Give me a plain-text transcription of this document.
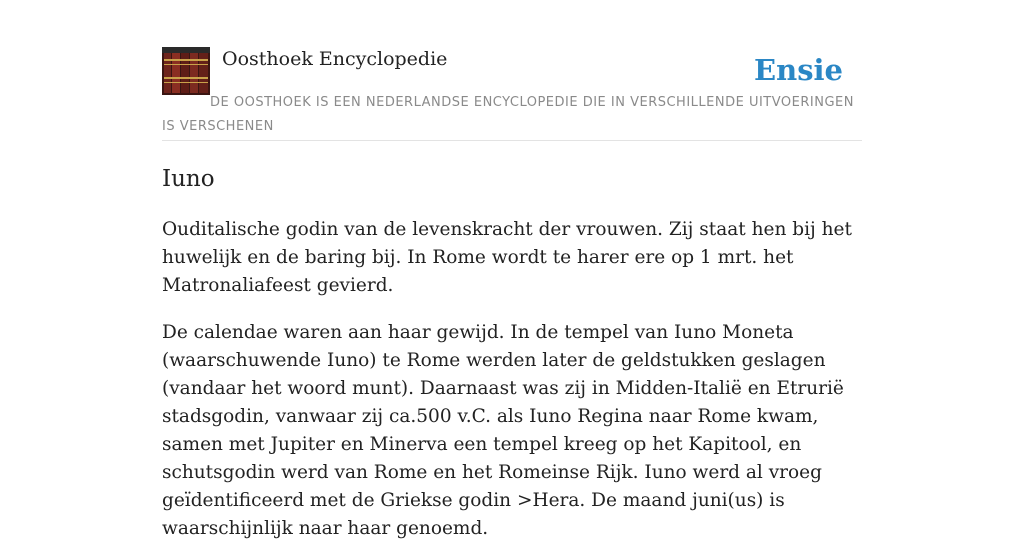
Oosthoek Encyclopedie	Ensie
DE OOSTHOEK IS EEN NEDERLANDSE ENCYCLOPEDIE DIE IN VERSCHILLENDE UITVOERINGEN IS VERSCHENEN
Iuno

Ouditalische godin van de levenskracht der vrouwen. Zij staat hen bij het huwelijk en de baring bij. In Rome wordt te harer ere op 1 mrt. het Matronaliafeest gevierd.

De calendae waren aan haar gewijd. In de tempel van Iuno Moneta (waarschuwende Iuno) te Rome werden later de geldstukken geslagen (vandaar het woord munt). Daarnaast was zij in Midden-Italië en Etrurië stadsgodin, vanwaar zij ca.500 v.C. als Iuno Regina naar Rome kwam, samen met Jupiter en Minerva een tempel kreeg op het Kapitool, en schutsgodin werd van Rome en het Romeinse Rijk. Iuno werd al vroeg geïdentificeerd met de Griekse godin >Hera. De maand juni(us) is waarschijnlijk naar haar genoemd.
